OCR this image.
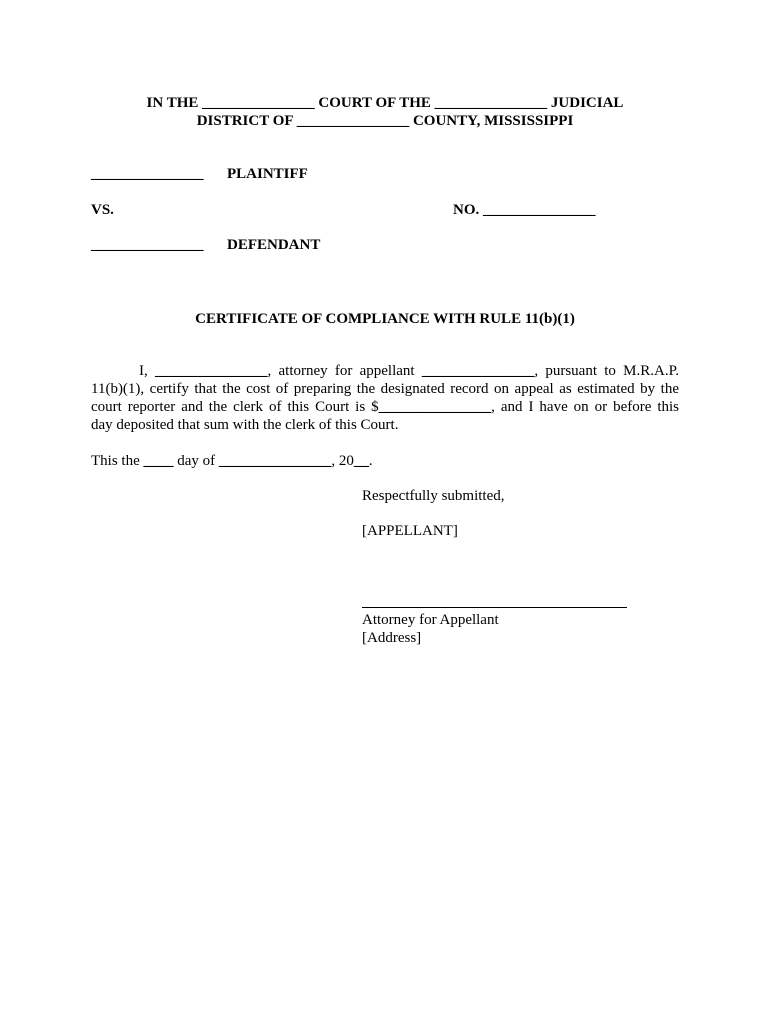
IN THE _______________ COURT OF THE _______________ JUDICIAL
DISTRICT OF _______________ COUNTY, MISSISSIPPI
_______________ PLAINTIFF
VS.	NO. _______________
_______________ DEFENDANT
CERTIFICATE OF COMPLIANCE WITH RULE 11(b)(1)
I, _______________, attorney for appellant _______________, pursuant to M.R.A.P.
11(b)(1), certify that the cost of preparing the designated record on appeal as estimated by the
court reporter and the clerk of this Court is $_______________, and I have on or before this
day deposited that sum with the clerk of this Court.
This the ____ day of _______________, 20__.
Respectfully submitted,
[APPELLANT]
Attorney for Appellant
[Address]
